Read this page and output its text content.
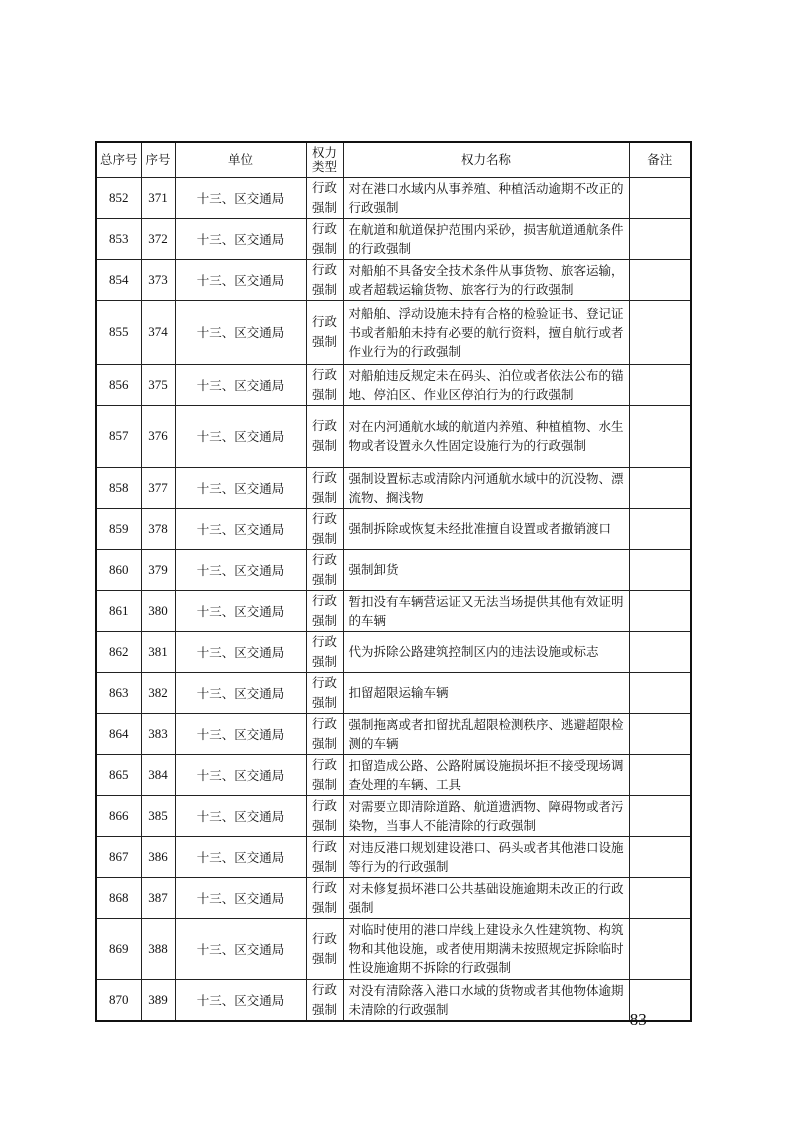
总序号	序号	单位	权力类型	权力名称	备注
852	371	十三、区交通局	行政强制	对在港口水域内从事养殖、种植活动逾期不改正的行政强制	
853	372	十三、区交通局	行政强制	在航道和航道保护范围内采砂，损害航道通航条件的行政强制	
854	373	十三、区交通局	行政强制	对船舶不具备安全技术条件从事货物、旅客运输，或者超载运输货物、旅客行为的行政强制	
855	374	十三、区交通局	行政强制	对船舶、浮动设施未持有合格的检验证书、登记证书或者船舶未持有必要的航行资料，擅自航行或者作业行为的行政强制	
856	375	十三、区交通局	行政强制	对船舶违反规定未在码头、泊位或者依法公布的锚地、停泊区、作业区停泊行为的行政强制	
857	376	十三、区交通局	行政强制	对在内河通航水域的航道内养殖、种植植物、水生物或者设置永久性固定设施行为的行政强制	
858	377	十三、区交通局	行政强制	强制设置标志或清除内河通航水域中的沉没物、漂流物、搁浅物	
859	378	十三、区交通局	行政强制	强制拆除或恢复未经批准擅自设置或者撤销渡口	
860	379	十三、区交通局	行政强制	强制卸货	
861	380	十三、区交通局	行政强制	暂扣没有车辆营运证又无法当场提供其他有效证明的车辆	
862	381	十三、区交通局	行政强制	代为拆除公路建筑控制区内的违法设施或标志	
863	382	十三、区交通局	行政强制	扣留超限运输车辆	
864	383	十三、区交通局	行政强制	强制拖离或者扣留扰乱超限检测秩序、逃避超限检测的车辆	
865	384	十三、区交通局	行政强制	扣留造成公路、公路附属设施损坏拒不接受现场调查处理的车辆、工具	
866	385	十三、区交通局	行政强制	对需要立即清除道路、航道遗洒物、障碍物或者污染物，当事人不能清除的行政强制	
867	386	十三、区交通局	行政强制	对违反港口规划建设港口、码头或者其他港口设施等行为的行政强制	
868	387	十三、区交通局	行政强制	对未修复损坏港口公共基础设施逾期未改正的行政强制	
869	388	十三、区交通局	行政强制	对临时使用的港口岸线上建设永久性建筑物、构筑物和其他设施，或者使用期满未按照规定拆除临时性设施逾期不拆除的行政强制	
870	389	十三、区交通局	行政强制	对没有清除落入港口水域的货物或者其他物体逾期未清除的行政强制	
— 83 —
